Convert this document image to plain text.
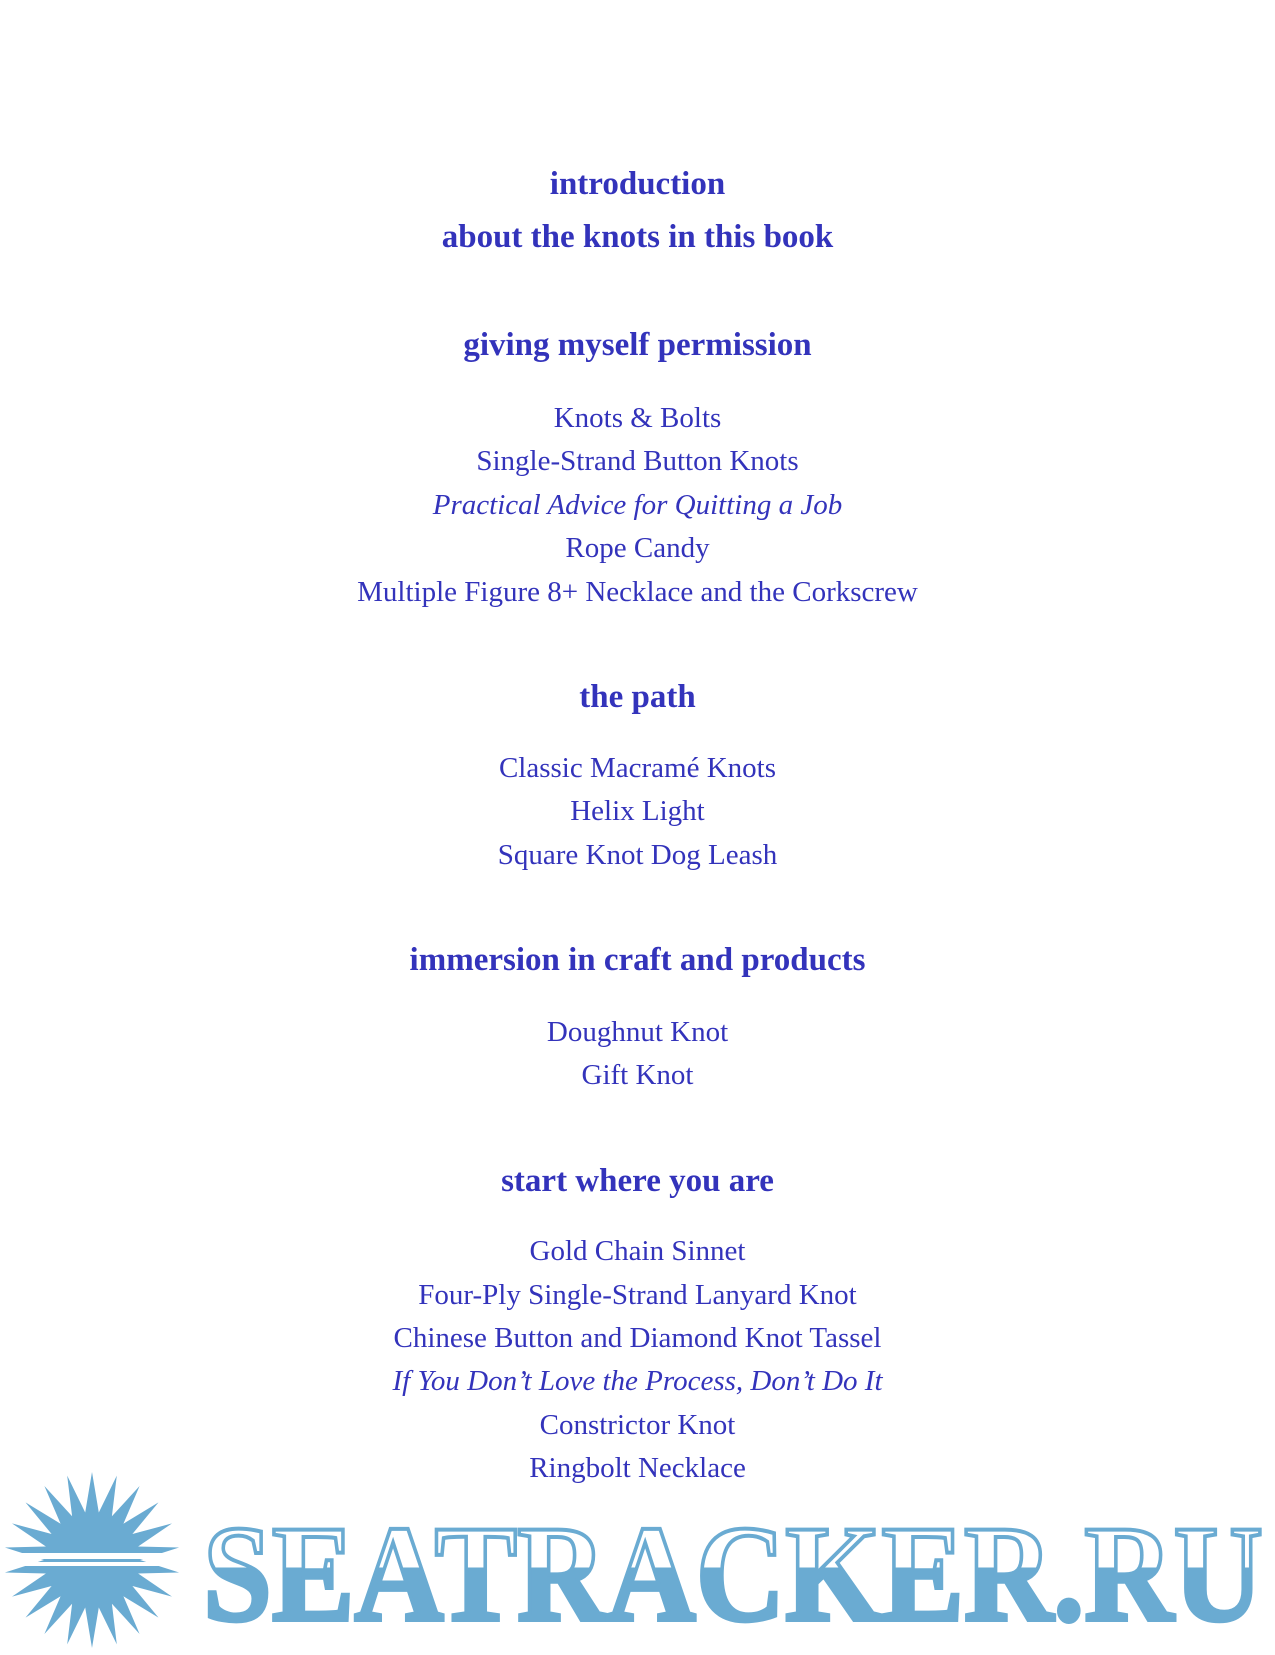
introduction
about the knots in this book
giving myself permission
Knots & Bolts
Single-Strand Button Knots
Practical Advice for Quitting a Job
Rope Candy
Multiple Figure 8+ Necklace and the Corkscrew
the path
Classic Macramé Knots
Helix Light
Square Knot Dog Leash
immersion in craft and products
Doughnut Knot
Gift Knot
start where you are
Gold Chain Sinnet
Four-Ply Single-Strand Lanyard Knot
Chinese Button and Diamond Knot Tassel
If You Don’t Love the Process, Don’t Do It
Constrictor Knot
Ringbolt Necklace
SEATRACKER.RU
